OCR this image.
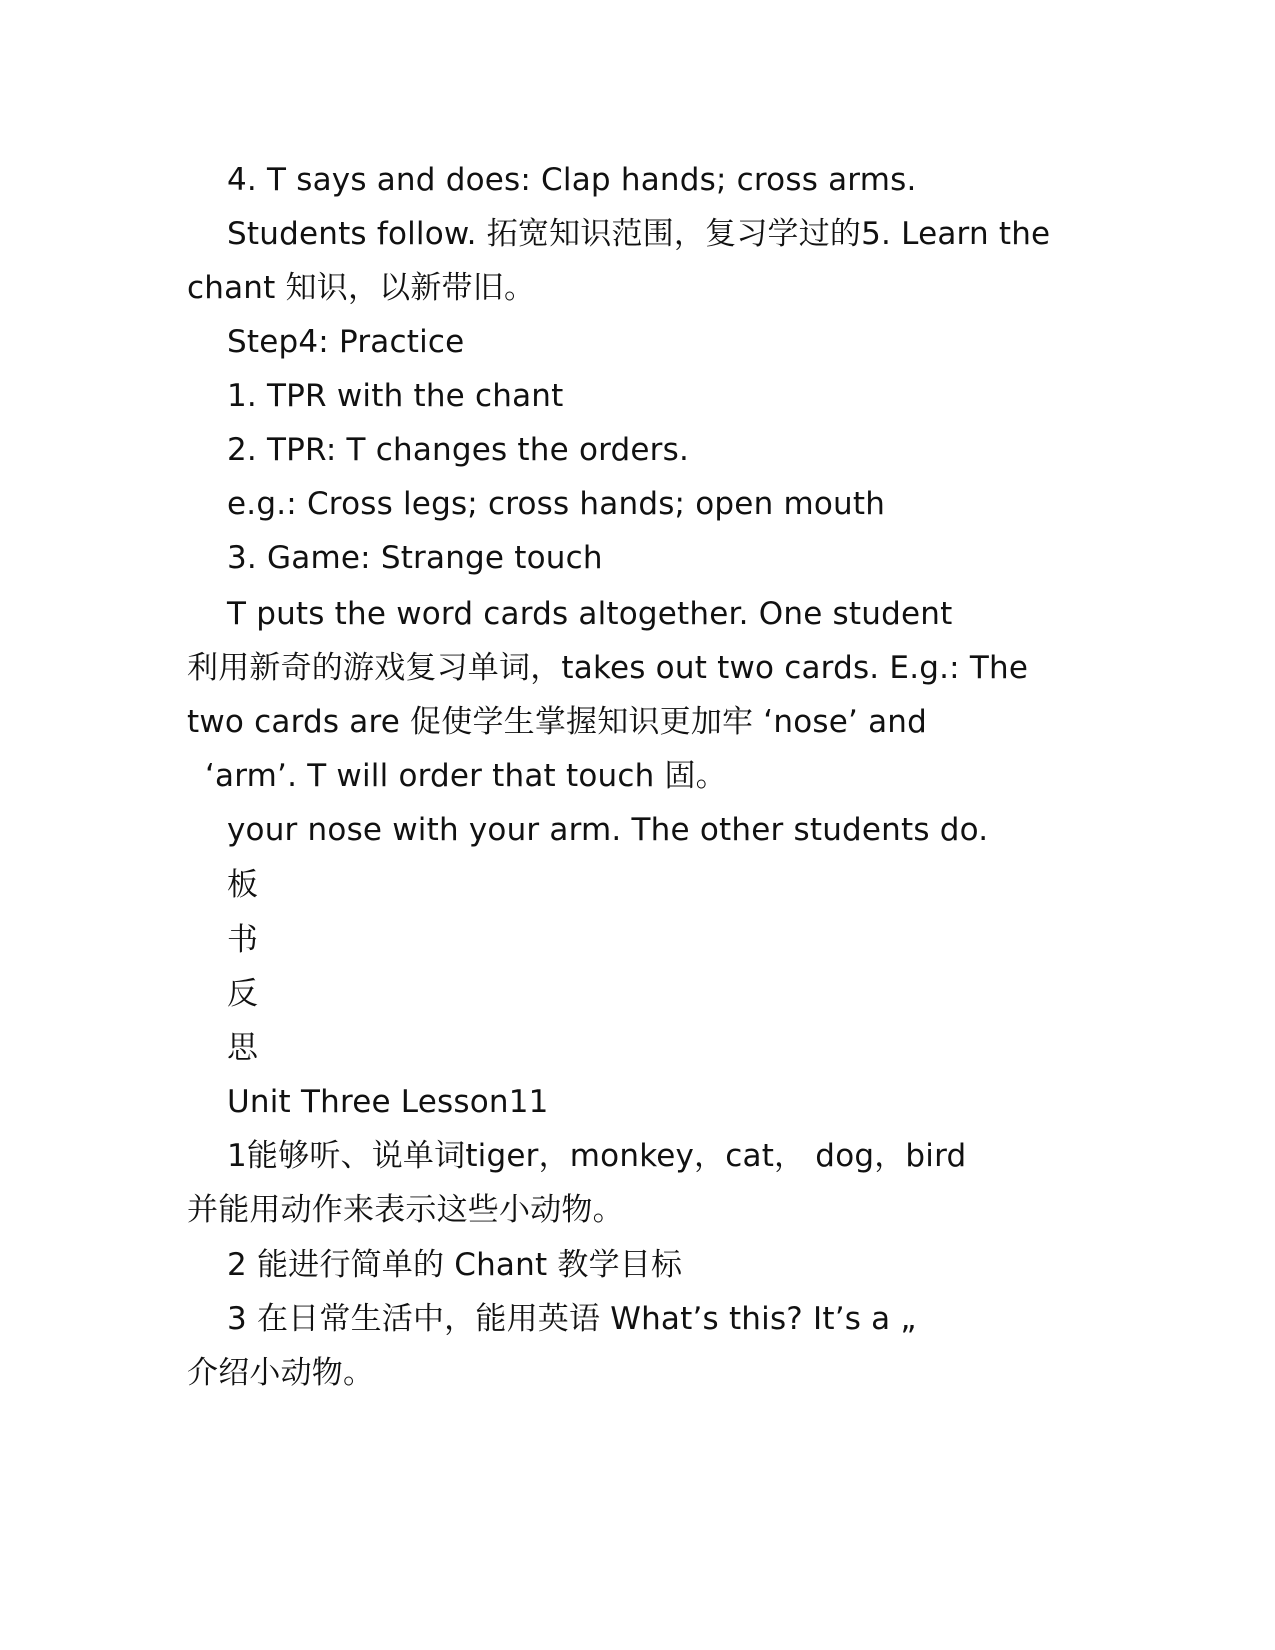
4. T says and does: Clap hands; cross arms.
Students follow. 拓宽知识范围，复习学过的5. Learn the
chant 知识，以新带旧。
Step4: Practice
1. TPR with the chant
2. TPR: T changes the orders.
e.g.: Cross legs; cross hands; open mouth
3. Game: Strange touch
T puts the word cards altogether. One student
利用新奇的游戏复习单词，takes out two cards. E.g.: The
two cards are 促使学生掌握知识更加牢 ‘nose’ and
‘arm’. T will order that touch 固。
your nose with your arm. The other students do.
板
书
反
思
Unit Three Lesson11
1能够听、说单词tiger，monkey，cat， dog，bird
并能用动作来表示这些小动物。
2 能进行简单的 Chant 教学目标
3 在日常生活中，能用英语 What’s this? It’s a „
介绍小动物。
